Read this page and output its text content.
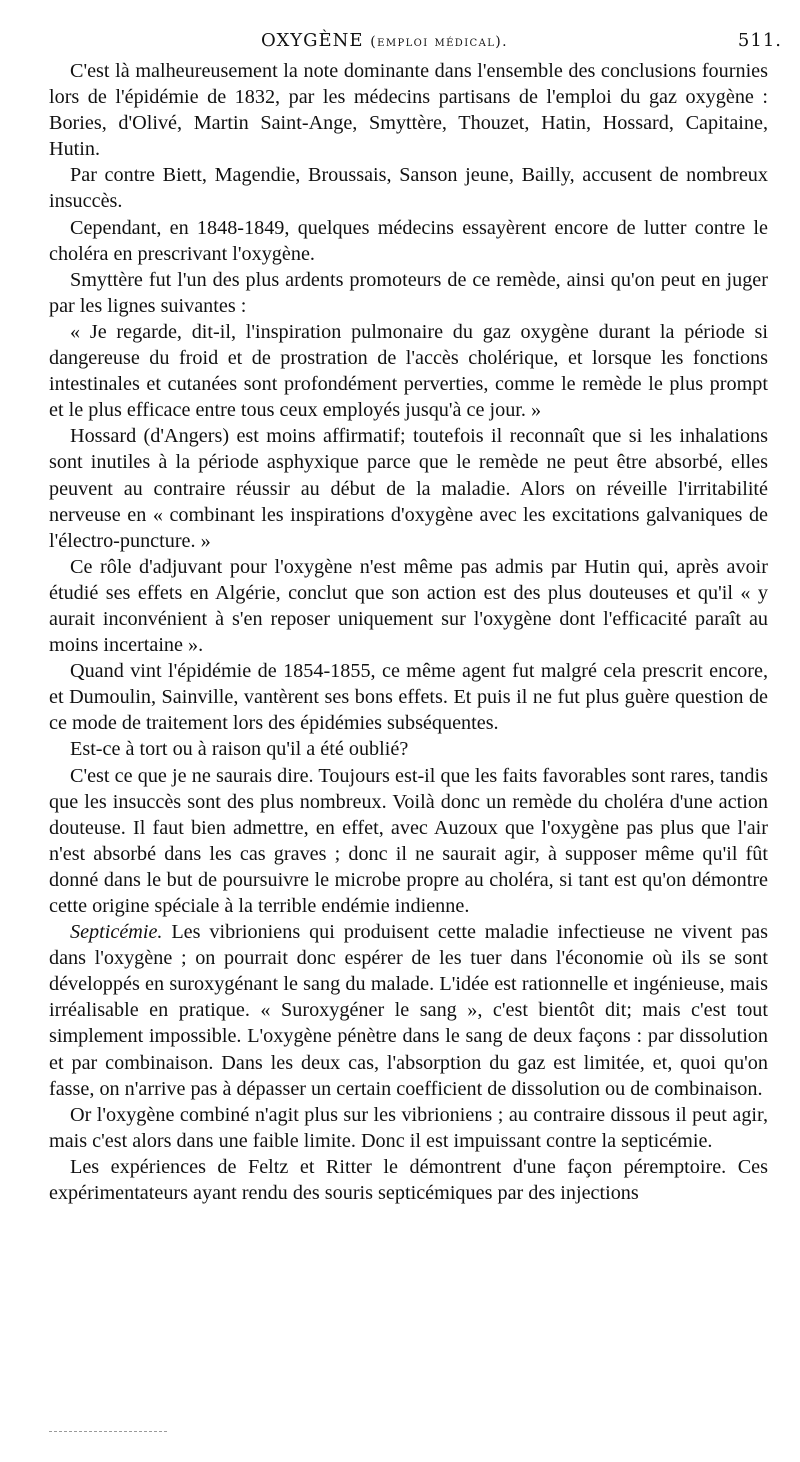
OXYGÈNE (emploi médical).	511.

C'est là malheureusement la note dominante dans l'ensemble des conclusions fournies lors de l'épidémie de 1832, par les médecins partisans de l'emploi du gaz oxygène : Bories, d'Olivé, Martin Saint-Ange, Smyttère, Thouzet, Hatin, Hossard, Capitaine, Hutin.

Par contre Biett, Magendie, Broussais, Sanson jeune, Bailly, accusent de nombreux insuccès.

Cependant, en 1848-1849, quelques médecins essayèrent encore de lutter contre le choléra en prescrivant l'oxygène.

Smyttère fut l'un des plus ardents promoteurs de ce remède, ainsi qu'on peut en juger par les lignes suivantes :

« Je regarde, dit-il, l'inspiration pulmonaire du gaz oxygène durant la période si dangereuse du froid et de prostration de l'accès cholérique, et lorsque les fonctions intestinales et cutanées sont profondément perverties, comme le remède le plus prompt et le plus efficace entre tous ceux employés jusqu'à ce jour. »

Hossard (d'Angers) est moins affirmatif; toutefois il reconnaît que si les inhalations sont inutiles à la période asphyxique parce que le remède ne peut être absorbé, elles peuvent au contraire réussir au début de la maladie. Alors on réveille l'irritabilité nerveuse en « combinant les inspirations d'oxygène avec les excitations galvaniques de l'électro-puncture. »

Ce rôle d'adjuvant pour l'oxygène n'est même pas admis par Hutin qui, après avoir étudié ses effets en Algérie, conclut que son action est des plus douteuses et qu'il « y aurait inconvénient à s'en reposer uniquement sur l'oxygène dont l'efficacité paraît au moins incertaine ».

Quand vint l'épidémie de 1854-1855, ce même agent fut malgré cela prescrit encore, et Dumoulin, Sainville, vantèrent ses bons effets. Et puis il ne fut plus guère question de ce mode de traitement lors des épidémies subséquentes.

Est-ce à tort ou à raison qu'il a été oublié?

C'est ce que je ne saurais dire. Toujours est-il que les faits favorables sont rares, tandis que les insuccès sont des plus nombreux. Voilà donc un remède du choléra d'une action douteuse. Il faut bien admettre, en effet, avec Auzoux que l'oxygène pas plus que l'air n'est absorbé dans les cas graves ; donc il ne saurait agir, à supposer même qu'il fût donné dans le but de poursuivre le microbe propre au choléra, si tant est qu'on démontre cette origine spéciale à la terrible endémie indienne.

Septicémie. Les vibrioniens qui produisent cette maladie infectieuse ne vivent pas dans l'oxygène ; on pourrait donc espérer de les tuer dans l'économie où ils se sont développés en suroxygénant le sang du malade. L'idée est rationnelle et ingénieuse, mais irréalisable en pratique. « Suroxygéner le sang », c'est bientôt dit; mais c'est tout simplement impossible. L'oxygène pénètre dans le sang de deux façons : par dissolution et par combinaison. Dans les deux cas, l'absorption du gaz est limitée, et, quoi qu'on fasse, on n'arrive pas à dépasser un certain coefficient de dissolution ou de combinaison.

Or l'oxygène combiné n'agit plus sur les vibrioniens ; au contraire dissous il peut agir, mais c'est alors dans une faible limite. Donc il est impuissant contre la septicémie.

Les expériences de Feltz et Ritter le démontrent d'une façon péremptoire. Ces expérimentateurs ayant rendu des souris septicémiques par des injections
